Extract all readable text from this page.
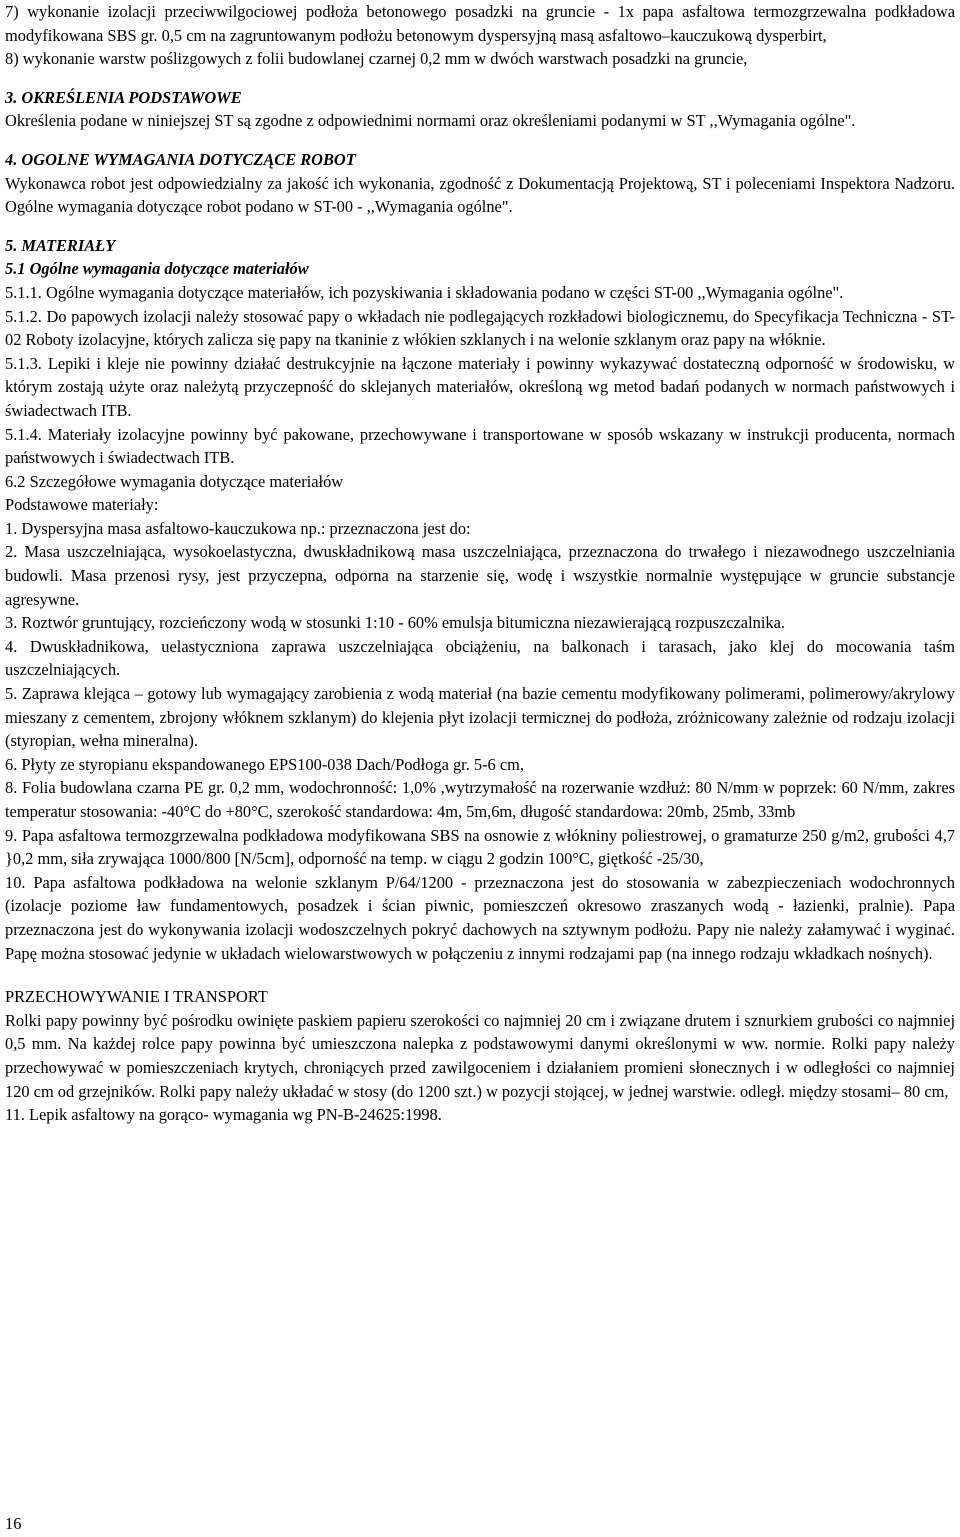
7) wykonanie izolacji przeciwwilgociowej podłoża betonowego posadzki na gruncie - 1x papa asfaltowa termozgrzewalna podkładowa modyfikowana SBS gr. 0,5 cm na zagruntowanym podłożu betonowym dyspersyjną masą asfaltowo–kauczukową dysperbirt,

8) wykonanie warstw poślizgowych z folii budowlanej czarnej 0,2 mm w dwóch warstwach posadzki na gruncie,

3. OKREŚLENIA PODSTAWOWE

Określenia podane w niniejszej ST są zgodne z odpowiednimi normami oraz określeniami podanymi w ST ,,Wymagania ogólne".

4. OGOLNE WYMAGANIA DOTYCZĄCE ROBOT

Wykonawca robot jest odpowiedzialny za jakość ich wykonania, zgodność z Dokumentacją Projektową, ST i poleceniami Inspektora Nadzoru. Ogólne wymagania dotyczące robot podano w ST-00 - ,,Wymagania ogólne".

5. MATERIAŁY

5.1 Ogólne wymagania dotyczące materiałów

5.1.1. Ogólne wymagania dotyczące materiałów, ich pozyskiwania i składowania podano w części ST-00 ,,Wymagania ogólne".

5.1.2. Do papowych izolacji należy stosować papy o wkładach nie podlegających rozkładowi biologicznemu, do Specyfikacja Techniczna - ST-02 Roboty izolacyjne, których zalicza się papy na tkaninie z włókien szklanych i na welonie szklanym oraz papy na włóknie.

5.1.3. Lepiki i kleje nie powinny działać destrukcyjnie na łączone materiały i powinny wykazywać dostateczną odporność w środowisku, w którym zostają użyte oraz należytą przyczepność do sklejanych materiałów, określoną wg metod badań podanych w normach państwowych i świadectwach ITB.

5.1.4. Materiały izolacyjne powinny być pakowane, przechowywane i transportowane w sposób wskazany w instrukcji producenta, normach państwowych i świadectwach ITB.

6.2 Szczegółowe wymagania dotyczące materiałów

Podstawowe materiały:

1. Dyspersyjna masa asfaltowo-kauczukowa np.: przeznaczona jest do:

2. Masa uszczelniająca, wysokoelastyczna, dwuskładnikową masa uszczelniająca, przeznaczona do trwałego i niezawodnego uszczelniania budowli. Masa przenosi rysy, jest przyczepna, odporna na starzenie się, wodę i wszystkie normalnie występujące w gruncie substancje agresywne.

3. Roztwór gruntujący, rozcieńczony wodą w stosunki 1:10 - 60% emulsja bitumiczna niezawierającą rozpuszczalnika.

4. Dwuskładnikowa, uelastyczniona zaprawa uszczelniająca obciążeniu, na balkonach i tarasach, jako klej do mocowania taśm uszczelniających.

5. Zaprawa klejąca – gotowy lub wymagający zarobienia z wodą materiał (na bazie cementu modyfikowany polimerami, polimerowy/akrylowy mieszany z cementem, zbrojony włóknem szklanym) do klejenia płyt izolacji termicznej do podłoża, zróżnicowany zależnie od rodzaju izolacji (styropian, wełna mineralna).

6. Płyty ze styropianu ekspandowanego EPS100-038 Dach/Podłoga gr. 5-6 cm,

8. Folia budowlana czarna PE gr. 0,2 mm, wodochronność: 1,0% ,wytrzymałość na rozerwanie wzdłuż: 80 N/mm w poprzek: 60 N/mm, zakres temperatur stosowania: -40°C do +80°C, szerokość standardowa: 4m, 5m,6m, długość standardowa: 20mb, 25mb, 33mb

9. Papa asfaltowa termozgrzewalna podkładowa modyfikowana SBS na osnowie z włókniny poliestrowej, o gramaturze 250 g/m2, grubości 4,7 }0,2 mm, siła zrywająca 1000/800 [N/5cm], odporność na temp. w ciągu 2 godzin 100°C, giętkość -25/30,

10. Papa asfaltowa podkładowa na welonie szklanym P/64/1200 - przeznaczona jest do stosowania w zabezpieczeniach wodochronnych (izolacje poziome ław fundamentowych, posadzek i ścian piwnic, pomieszczeń okresowo zraszanych wodą - łazienki, pralnie). Papa przeznaczona jest do wykonywania izolacji wodoszczelnych pokryć dachowych na sztywnym podłożu. Papy nie należy załamywać i wyginać. Papę można stosować jedynie w układach wielowarstwowych w połączeniu z innymi rodzajami pap (na innego rodzaju wkładkach nośnych).

PRZECHOWYWANIE I TRANSPORT

Rolki papy powinny być pośrodku owinięte paskiem papieru szerokości co najmniej 20 cm i związane drutem i sznurkiem grubości co najmniej 0,5 mm. Na każdej rolce papy powinna być umieszczona nalepka z podstawowymi danymi określonymi w ww. normie. Rolki papy należy przechowywać w pomieszczeniach krytych, chroniących przed zawilgoceniem i działaniem promieni słonecznych i w odległości co najmniej 120 cm od grzejników. Rolki papy należy układać w stosy (do 1200 szt.) w pozycji stojącej, w jednej warstwie. odległ. między stosami– 80 cm,

11. Lepik asfaltowy na gorąco- wymagania wg PN-B-24625:1998.

16
